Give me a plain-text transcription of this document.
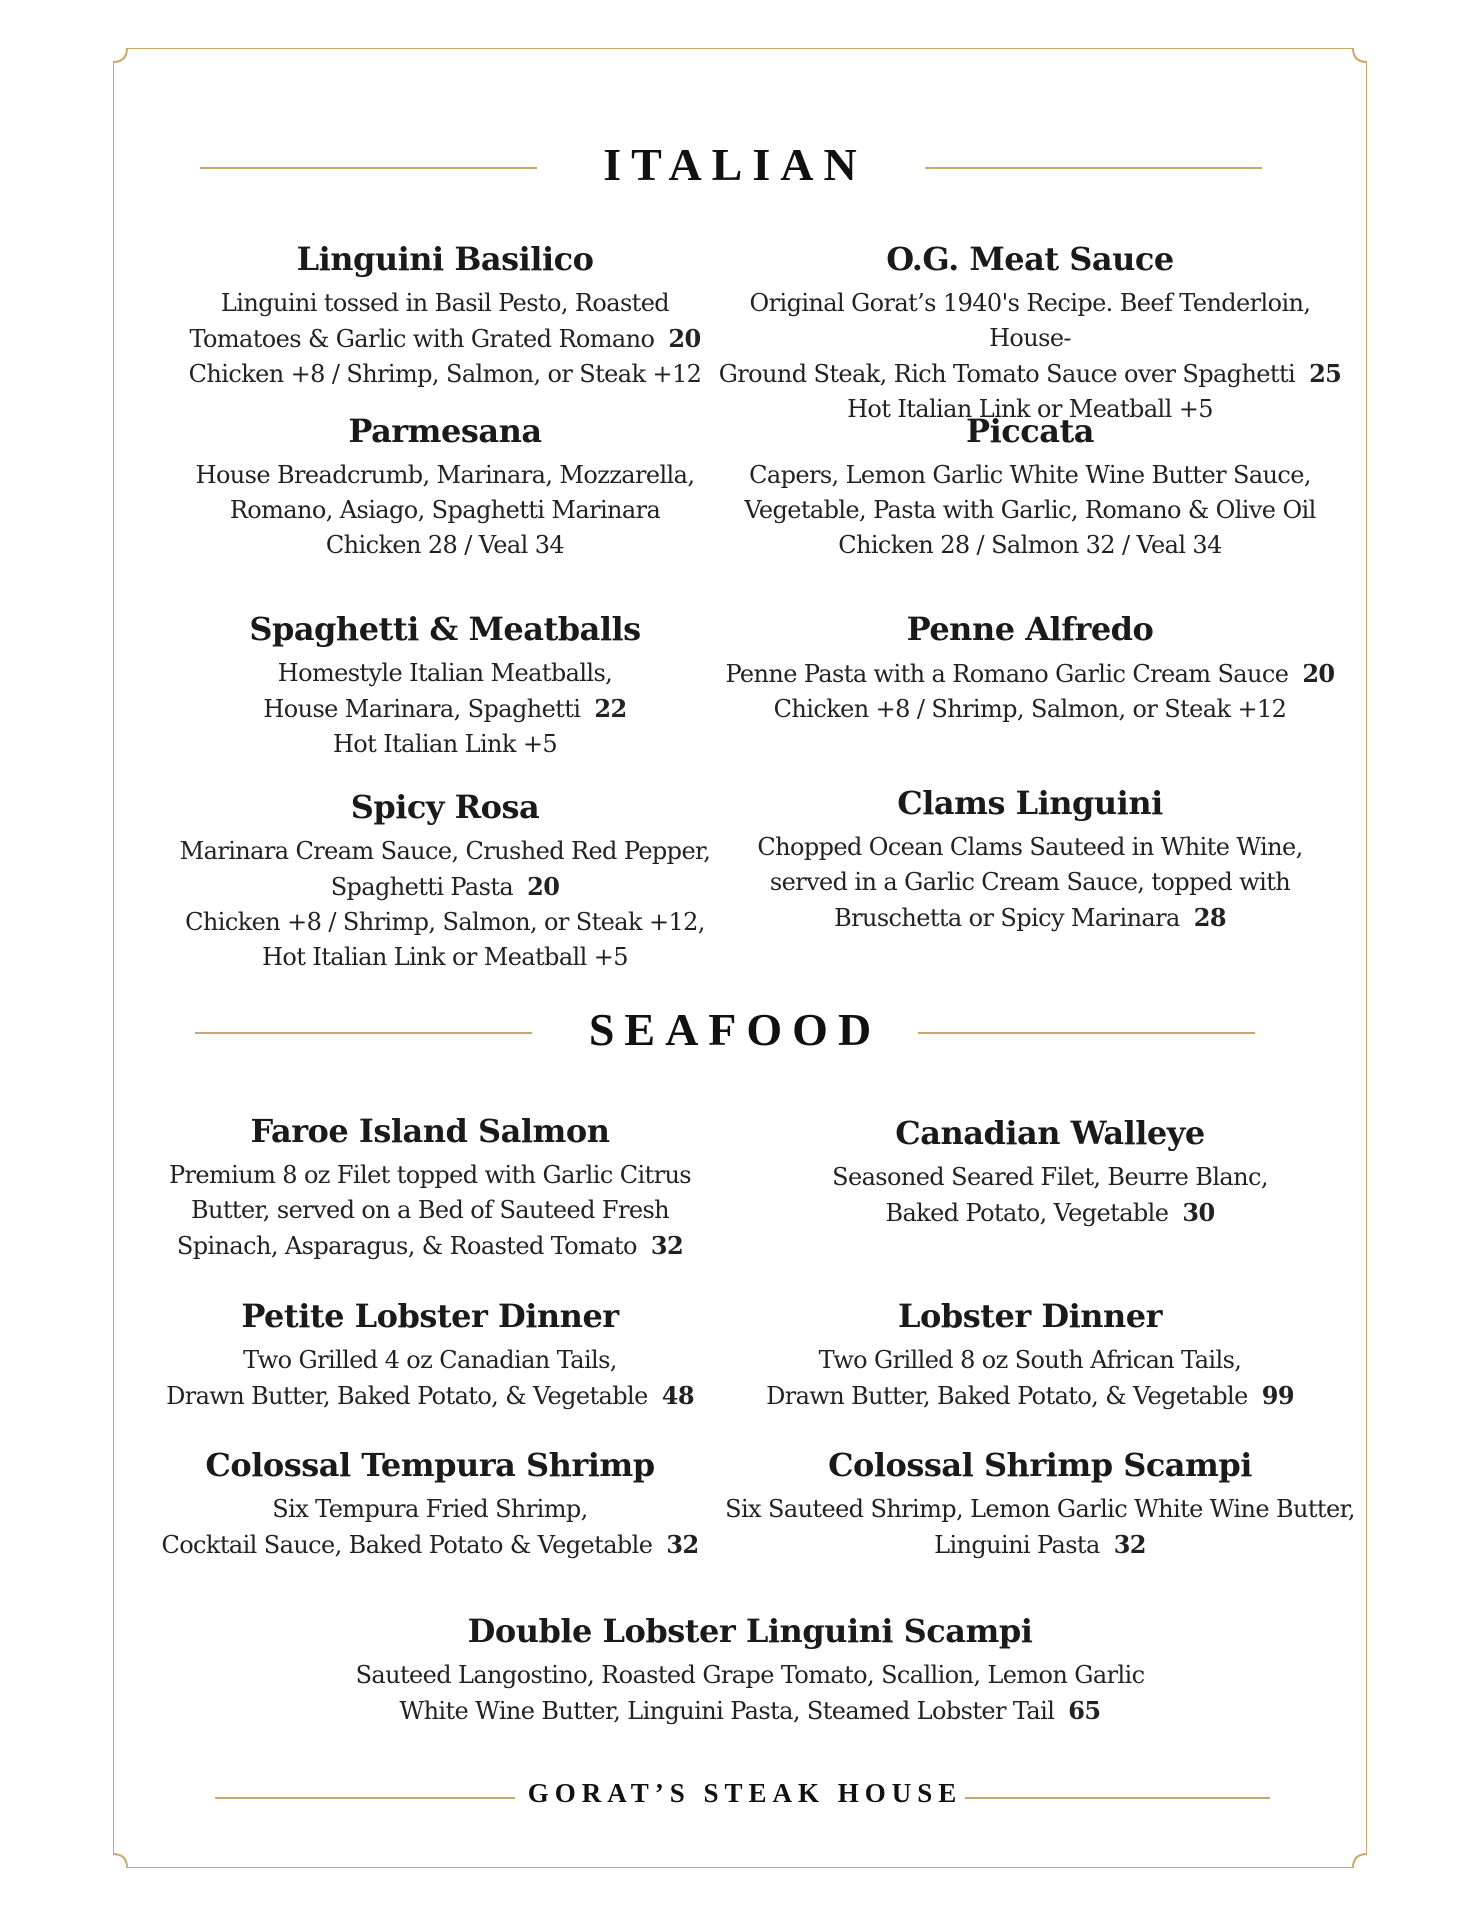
ITALIAN
Linguini Basilico
Linguini tossed in Basil Pesto, Roasted
Tomatoes & Garlic with Grated Romano 20
Chicken +8 / Shrimp, Salmon, or Steak +12
O.G. Meat Sauce
Original Gorat’s 1940's Recipe. Beef Tenderloin, House-
Ground Steak, Rich Tomato Sauce over Spaghetti 25
Hot Italian Link or Meatball +5
Parmesana
House Breadcrumb, Marinara, Mozzarella,
Romano, Asiago, Spaghetti Marinara
Chicken 28 / Veal 34
Piccata
Capers, Lemon Garlic White Wine Butter Sauce,
Vegetable, Pasta with Garlic, Romano & Olive Oil
Chicken 28 / Salmon 32 / Veal 34
Spaghetti & Meatballs
Homestyle Italian Meatballs,
House Marinara, Spaghetti 22
Hot Italian Link +5
Penne Alfredo
Penne Pasta with a Romano Garlic Cream Sauce 20
Chicken +8 / Shrimp, Salmon, or Steak +12
Spicy Rosa
Marinara Cream Sauce, Crushed Red Pepper,
Spaghetti Pasta 20
Chicken +8 / Shrimp, Salmon, or Steak +12,
Hot Italian Link or Meatball +5
Clams Linguini
Chopped Ocean Clams Sauteed in White Wine,
served in a Garlic Cream Sauce, topped with
Bruschetta or Spicy Marinara 28
SEAFOOD
Faroe Island Salmon
Premium 8 oz Filet topped with Garlic Citrus
Butter, served on a Bed of Sauteed Fresh
Spinach, Asparagus, & Roasted Tomato 32
Canadian Walleye
Seasoned Seared Filet, Beurre Blanc,
Baked Potato, Vegetable 30
Petite Lobster Dinner
Two Grilled 4 oz Canadian Tails,
Drawn Butter, Baked Potato, & Vegetable 48
Lobster Dinner
Two Grilled 8 oz South African Tails,
Drawn Butter, Baked Potato, & Vegetable 99
Colossal Tempura Shrimp
Six Tempura Fried Shrimp,
Cocktail Sauce, Baked Potato & Vegetable 32
Colossal Shrimp Scampi
Six Sauteed Shrimp, Lemon Garlic White Wine Butter,
Linguini Pasta 32
Double Lobster Linguini Scampi
Sauteed Langostino, Roasted Grape Tomato, Scallion, Lemon Garlic
White Wine Butter, Linguini Pasta, Steamed Lobster Tail 65
GORAT’S STEAK HOUSE
